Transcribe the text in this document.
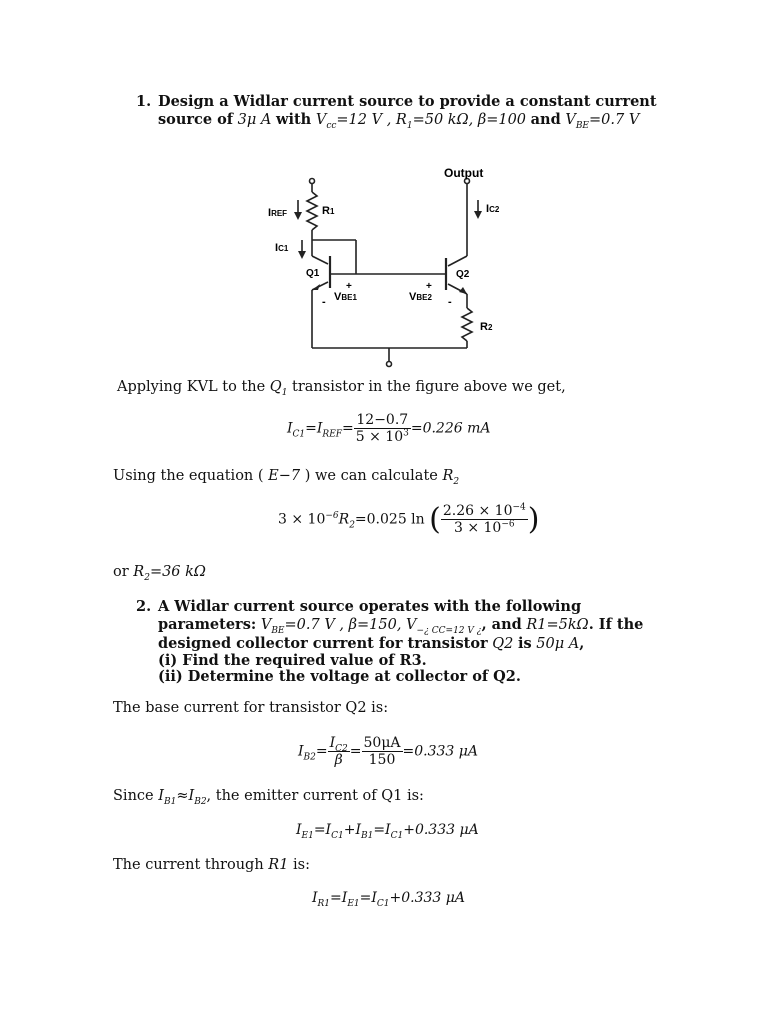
1. Design a Widlar current source to provide a constant current
source of 3μ A with $V_{cc}=12$ V , $R_1=50$ kΩ, β=100 and $V_{BE}=0.7$ V
Output
IREF	R1
IC1
IC2
Q1	Q2
+
- VBE1
+
-
VBE2
R2
Applying KVL to the $Q_1$ transistor in the figure above we get,
$I_{C1}=I_{REF}= \frac{12-0.7}{5 \times 10^3} =0.226$ mA
Using the equation ( E−7 ) we can calculate $R_2$
$3 \times 10^{-6}R_2=0.025$ ln ( $\frac{2.26 \times 10^{-4}}{3 \times 10^{-6}}$ )
or $R_2=36$ kΩ
2. A Widlar current source operates with the following
parameters: $V_{BE}=0.7$ V , β=150, $V_{-¿ CC=12 V ¿}$, and R1=5kΩ. If the
designed collector current for transistor Q2 is 50μ A,
(i) Find the required value of R3.
(ii) Determine the voltage at collector of Q2.
The base current for transistor Q2 is:
$I_{B2}= \frac{I_{C2}}{\beta} = \frac{50\mu A}{150} =0.333$ μA
Since $I_{B1}\approx I_{B2}$, the emitter current of Q1 is:
$I_{E1}=I_{C1}+I_{B1}=I_{C1}+0.333$ μA
The current through R1 is:
$I_{R1}=I_{E1}=I_{C1}+0.333$ μA
